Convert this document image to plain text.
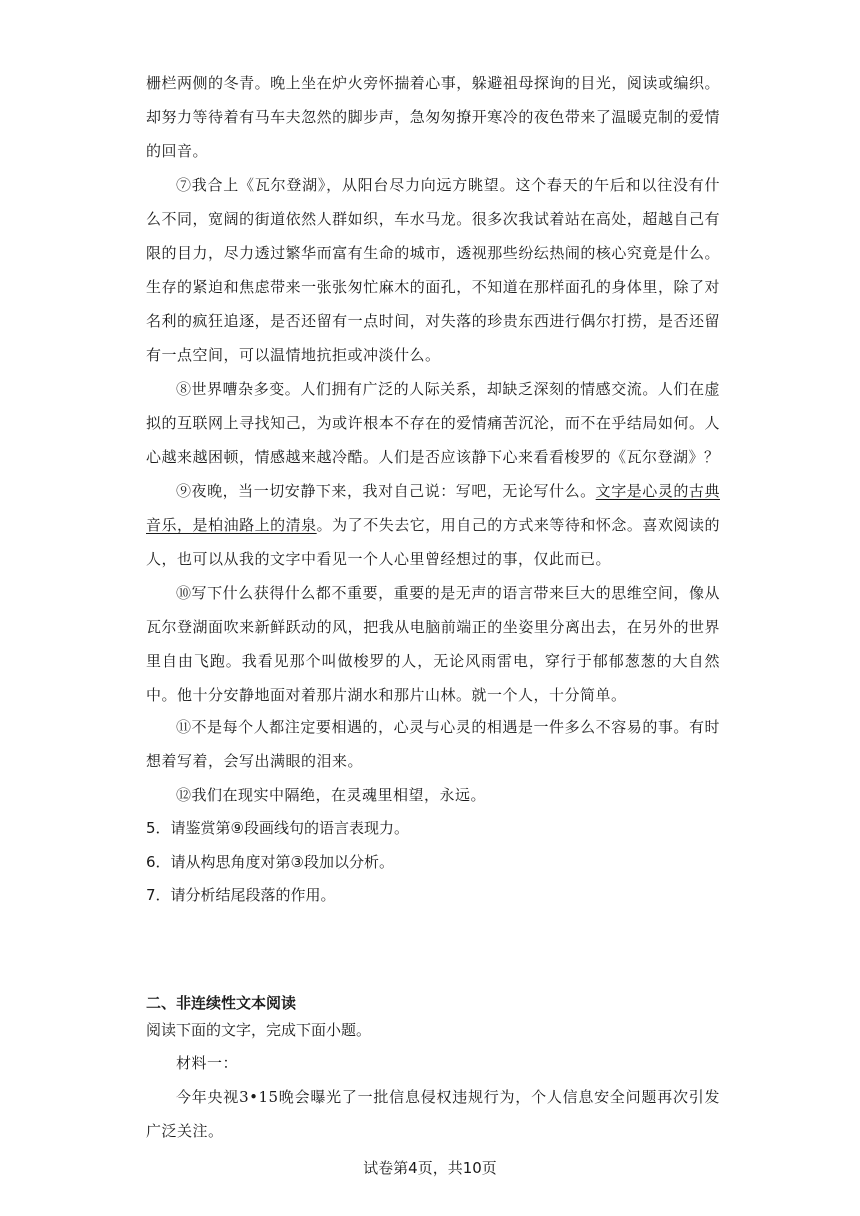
栅栏两侧的冬青。晚上坐在炉火旁怀揣着心事，躲避祖母探询的目光，阅读或编织。却努力等待着有马车夫忽然的脚步声，急匆匆撩开寒冷的夜色带来了温暖克制的爱情的回音。
⑦我合上《瓦尔登湖》，从阳台尽力向远方眺望。这个春天的午后和以往没有什么不同，宽阔的街道依然人群如织，车水马龙。很多次我试着站在高处，超越自己有限的目力，尽力透过繁华而富有生命的城市，透视那些纷纭热闹的核心究竟是什么。生存的紧迫和焦虑带来一张张匆忙麻木的面孔，不知道在那样面孔的身体里，除了对名利的疯狂追逐，是否还留有一点时间，对失落的珍贵东西进行偶尔打捞，是否还留有一点空间，可以温情地抗拒或冲淡什么。
⑧世界嘈杂多变。人们拥有广泛的人际关系，却缺乏深刻的情感交流。人们在虚拟的互联网上寻找知己，为或许根本不存在的爱情痛苦沉沦，而不在乎结局如何。人心越来越困顿，情感越来越冷酷。人们是否应该静下心来看看梭罗的《瓦尔登湖》？
⑨夜晚，当一切安静下来，我对自己说：写吧，无论写什么。文字是心灵的古典音乐，是柏油路上的清泉。为了不失去它，用自己的方式来等待和怀念。喜欢阅读的人，也可以从我的文字中看见一个人心里曾经想过的事，仅此而已。
⑩写下什么获得什么都不重要，重要的是无声的语言带来巨大的思维空间，像从瓦尔登湖面吹来新鲜跃动的风，把我从电脑前端正的坐姿里分离出去，在另外的世界里自由飞跑。我看见那个叫做梭罗的人，无论风雨雷电，穿行于郁郁葱葱的大自然中。他十分安静地面对着那片湖水和那片山林。就一个人，十分简单。
⑪不是每个人都注定要相遇的，心灵与心灵的相遇是一件多么不容易的事。有时想着写着，会写出满眼的泪来。
⑫我们在现实中隔绝，在灵魂里相望，永远。
5．请鉴赏第⑨段画线句的语言表现力。
6．请从构思角度对第③段加以分析。
7．请分析结尾段落的作用。
二、非连续性文本阅读
阅读下面的文字，完成下面小题。
材料一：
今年央视3•15晚会曝光了一批信息侵权违规行为，个人信息安全问题再次引发广泛关注。
试卷第4页，共10页
